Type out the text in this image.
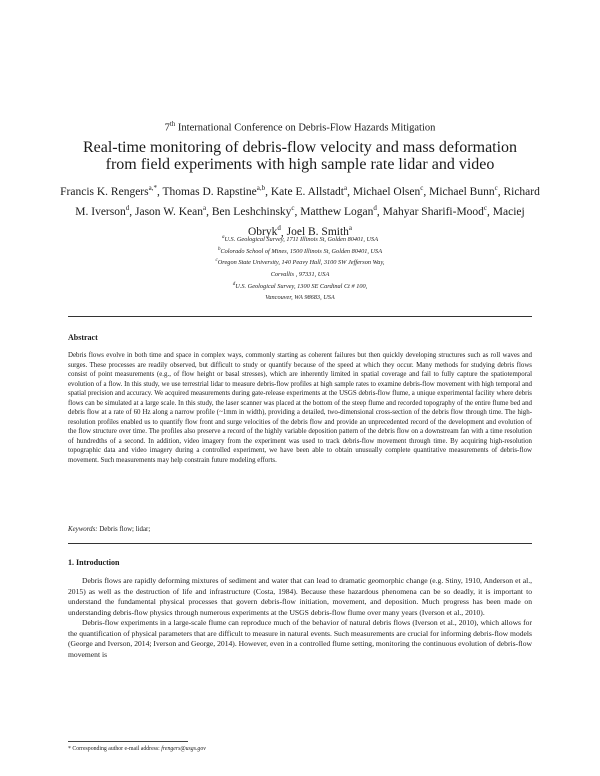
7th International Conference on Debris-Flow Hazards Mitigation
Real-time monitoring of debris-flow velocity and mass deformation
from field experiments with high sample rate lidar and video
Francis K. Rengers$^{a,*}$, Thomas D. Rapstine$^{a,b}$, Kate E. Allstadt$^a$, Michael Olsen$^c$, Michael Bunn$^c$, Richard M. Iverson$^d$, Jason W. Kean$^a$, Ben Leshchinsky$^c$, Matthew Logan$^d$, Mahyar Sharifi-Mood$^c$, Maciej Obryk$^d$, Joel B. Smith$^a$
$^a$U.S. Geological Survey, 1711 Illinois St, Golden 80401, USA
$^b$Colorado School of Mines, 1500 Illinois St, Golden 80401, USA
$^c$Oregon State University, 140 Peavy Hall, 3100 SW Jefferson Way,
Corvallis , 97331, USA
$^d$U.S. Geological Survey, 1300 SE Cardinal Ct # 100,
Vancouver, WA 98683, USA
Abstract
Debris flows evolve in both time and space in complex ways, commonly starting as coherent failures but then quickly developing structures such as roll waves and surges. These processes are readily observed, but difficult to study or quantify because of the speed at which they occur. Many methods for studying debris flows consist of point measurements (e.g., of flow height or basal stresses), which are inherently limited in spatial coverage and fail to fully capture the spatiotemporal evolution of a flow. In this study, we use terrestrial lidar to measure debris-flow profiles at high sample rates to examine debris-flow movement with high temporal and spatial precision and accuracy. We acquired measurements during gate-release experiments at the USGS debris-flow flume, a unique experimental facility where debris flows can be simulated at a large scale. In this study, the laser scanner was placed at the bottom of the steep flume and recorded topography of the entire flume bed and debris flow at a rate of 60 Hz along a narrow profile (~1mm in width), providing a detailed, two-dimensional cross-section of the debris flow through time. The high-resolution profiles enabled us to quantify flow front and surge velocities of the debris flow and provide an unprecedented record of the development and evolution of the flow structure over time. The profiles also preserve a record of the highly variable deposition pattern of the debris flow on a downstream fan with a time resolution of hundredths of a second. In addition, video imagery from the experiment was used to track debris-flow movement through time. By acquiring high-resolution topographic data and video imagery during a controlled experiment, we have been able to obtain unusually complete quantitative measurements of debris-flow movement. Such measurements may help constrain future modeling efforts.
Keywords: Debris flow; lidar;
1. Introduction

Debris flows are rapidly deforming mixtures of sediment and water that can lead to dramatic geomorphic change (e.g. Stiny, 1910, Anderson et al., 2015) as well as the destruction of life and infrastructure (Costa, 1984). Because these hazardous phenomena can be so deadly, it is important to understand the fundamental physical processes that govern debris-flow initiation, movement, and deposition. Much progress has been made on understanding debris-flow physics through numerous experiments at the USGS debris-flow flume over many years (Iverson et al., 2010).

Debris-flow experiments in a large-scale flume can reproduce much of the behavior of natural debris flows (Iverson et al., 2010), which allows for the quantification of physical parameters that are difficult to measure in natural events. Such measurements are crucial for informing debris-flow models (George and Iverson, 2014; Iverson and George, 2014). However, even in a controlled flume setting, monitoring the continuous evolution of debris-flow movement is

* Corresponding author e-mail address: frengers@usgs.gov
